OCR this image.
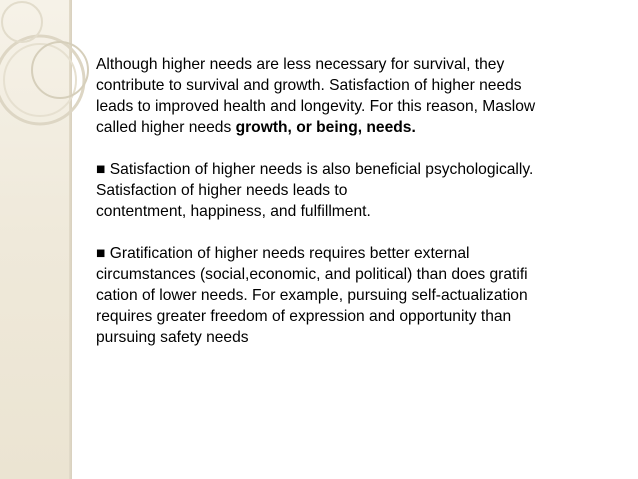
Although higher needs are less necessary for survival, they
contribute to survival and growth. Satisfaction of higher needs
leads to improved health and longevity. For this reason, Maslow
called higher needs growth, or being, needs.

■ Satisfaction of higher needs is also beneficial psychologically.
Satisfaction of higher needs leads to
contentment, happiness, and fulfillment.

■ Gratification of higher needs requires better external
circumstances (social,economic, and political) than does gratifi
cation of lower needs. For example, pursuing self-actualization
requires greater freedom of expression and opportunity than
pursuing safety needs
